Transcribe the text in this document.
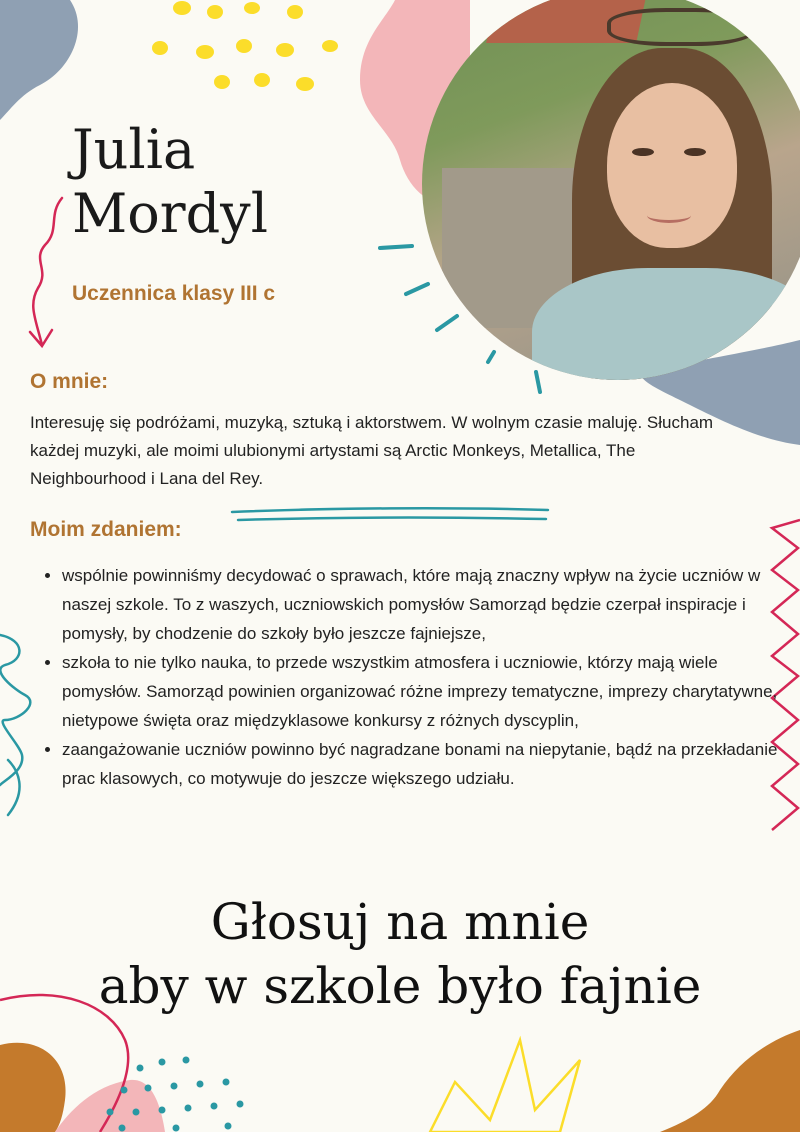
Julia
Mordyl
Uczennica klasy III c
O mnie:

Interesuję się podróżami, muzyką, sztuką i aktorstwem. W wolnym czasie maluję. Słucham każdej muzyki, ale moimi ulubionymi artystami są Arctic Monkeys, Metallica, The Neighbourhood i Lana del Rey.

Moim zdaniem:
• wspólnie powinniśmy decydować o sprawach, które mają znaczny wpływ na życie uczniów w naszej szkole. To z waszych, uczniowskich pomysłów Samorząd będzie czerpał inspiracje i pomysły, by chodzenie do szkoły było jeszcze fajniejsze,
• szkoła to nie tylko nauka, to przede wszystkim atmosfera i uczniowie, którzy mają wiele pomysłów. Samorząd powinien organizować różne imprezy tematyczne, imprezy charytatywne, nietypowe święta oraz międzyklasowe konkursy z różnych dyscyplin,
• zaangażowanie uczniów powinno być nagradzane bonami na niepytanie, bądź na przekładanie prac klasowych, co motywuje do jeszcze większego udziału.
Głosuj na mnie
aby w szkole było fajnie
